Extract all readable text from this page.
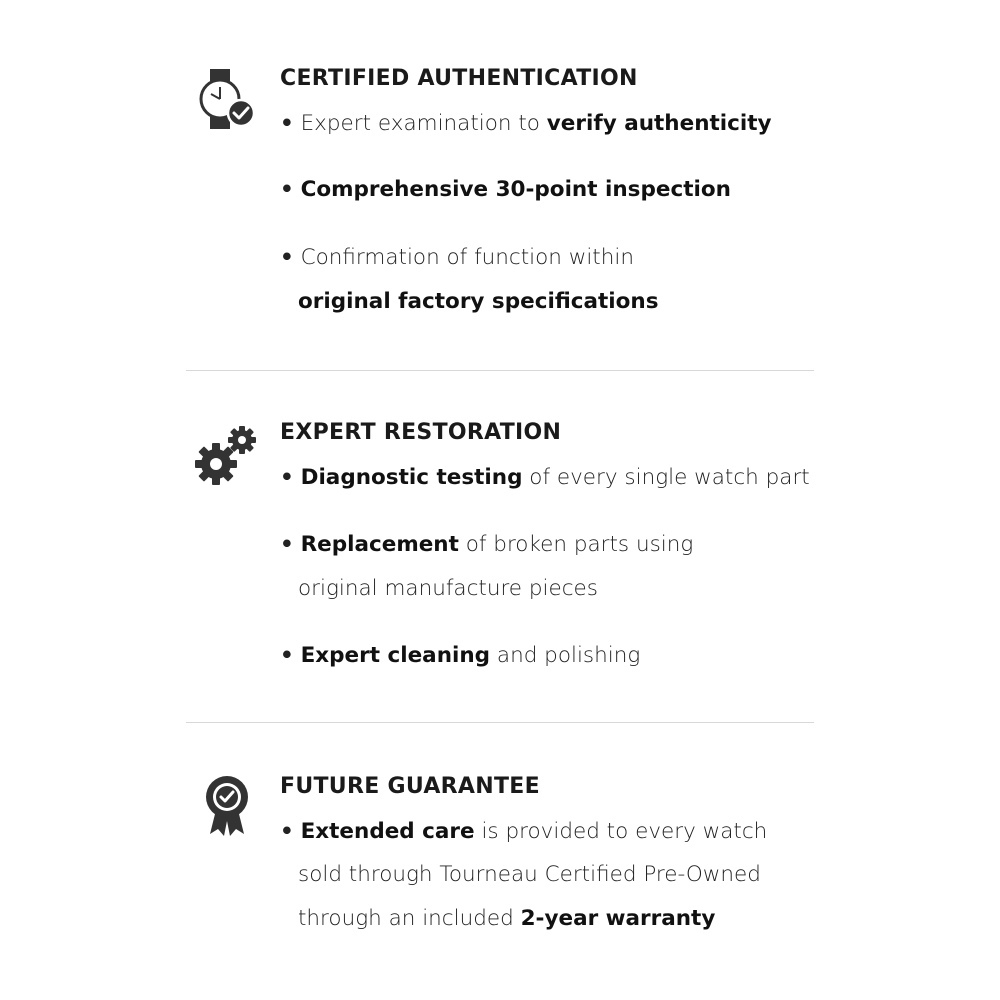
CERTIFIED AUTHENTICATION
• Expert examination to verify authenticity
• Comprehensive 30-point inspection
• Confirmation of function within
original factory specifications
EXPERT RESTORATION
• Diagnostic testing of every single watch part
• Replacement of broken parts using
original manufacture pieces
• Expert cleaning and polishing
FUTURE GUARANTEE
• Extended care is provided to every watch
sold through Tourneau Certified Pre-Owned
through an included 2-year warranty
